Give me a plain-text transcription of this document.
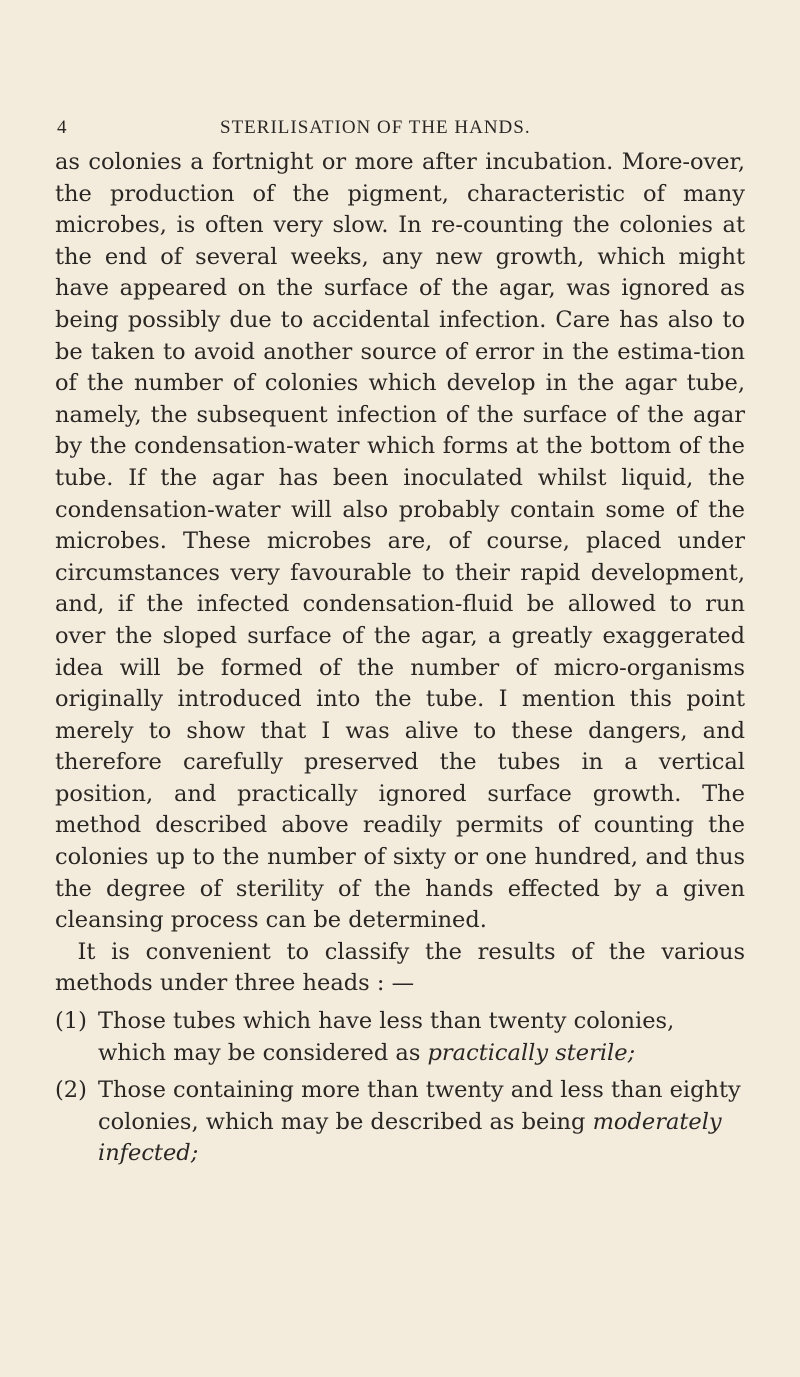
4	STERILISATION OF THE HANDS.

as colonies a fortnight or more after incubation. More-over, the production of the pigment, characteristic of many microbes, is often very slow. In re-counting the colonies at the end of several weeks, any new growth, which might have appeared on the surface of the agar, was ignored as being possibly due to accidental infection. Care has also to be taken to avoid another source of error in the estima-tion of the number of colonies which develop in the agar tube, namely, the subsequent infection of the surface of the agar by the condensation-water which forms at the bottom of the tube. If the agar has been inoculated whilst liquid, the condensation-water will also probably contain some of the microbes. These microbes are, of course, placed under circumstances very favourable to their rapid development, and, if the infected condensation-fluid be allowed to run over the sloped surface of the agar, a greatly exaggerated idea will be formed of the number of micro-organisms originally introduced into the tube. I mention this point merely to show that I was alive to these dangers, and therefore carefully preserved the tubes in a vertical position, and practically ignored surface growth. The method described above readily permits of counting the colonies up to the number of sixty or one hundred, and thus the degree of sterility of the hands effected by a given cleansing process can be determined.

 It is convenient to classify the results of the various methods under three heads : —

(1) Those tubes which have less than twenty colonies, which may be considered as practically sterile;
(2) Those containing more than twenty and less than eighty colonies, which may be described as being moderately infected;
